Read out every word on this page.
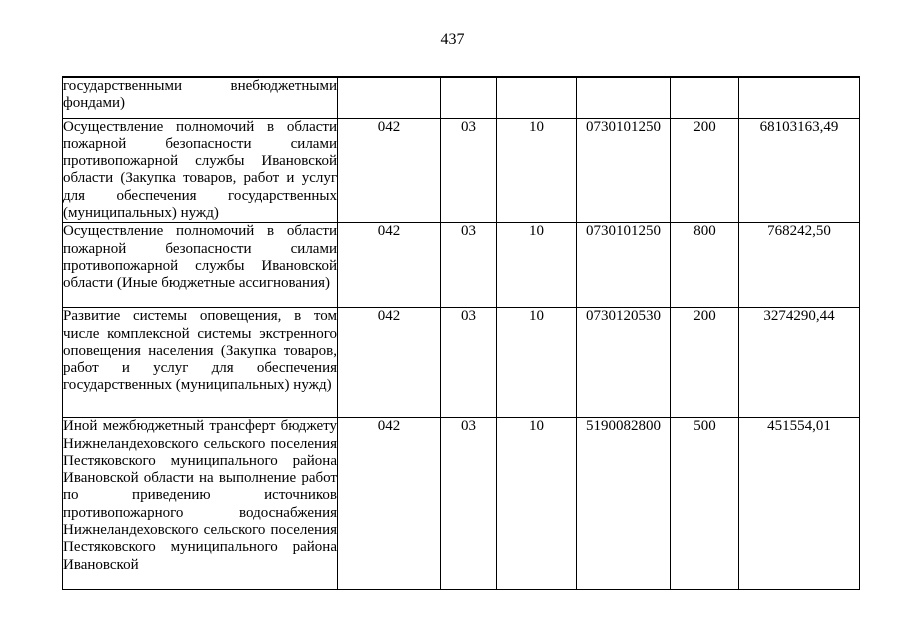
437
государственными внебюджетными фондами)						
Осуществление полномочий в области пожарной безопасности силами противопожарной службы Ивановской области (Закупка товаров, работ и услуг для обеспечения государственных (муниципальных) нужд)	042	03	10	0730101250	200	68103163,49
Осуществление полномочий в области пожарной безопасности силами противопожарной службы Ивановской области (Иные бюджетные ассигнования)	042	03	10	0730101250	800	768242,50
Развитие системы оповещения, в том числе комплексной системы экстренного оповещения населения (Закупка товаров, работ и услуг для обеспечения государственных (муниципальных) нужд)	042	03	10	0730120530	200	3274290,44

Иной межбюджетный трансферт бюджету Нижнеландеховского сельского поселения Пестяковского муниципального района Ивановской области на выполнение работ по приведению источников противопожарного водоснабжения Нижнеландеховского сельского поселения Пестяковского муниципального района Ивановской	042	03	10	5190082800	500	451554,01
